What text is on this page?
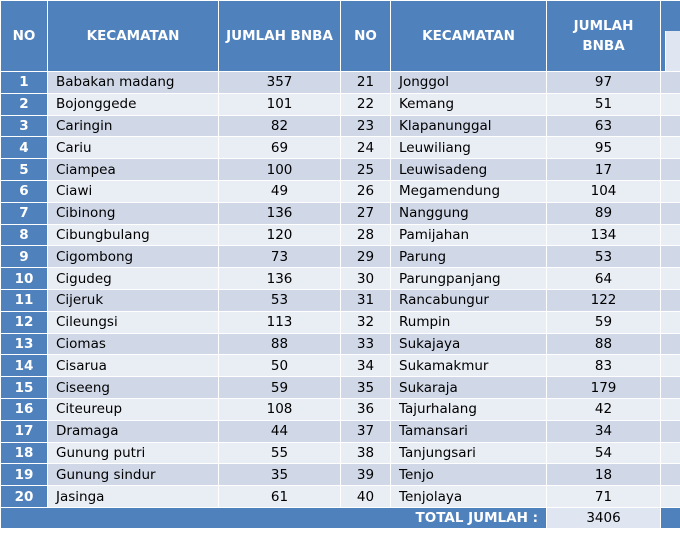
NO	KECAMATAN	JUMLAH BNBA	NO	KECAMATAN	JUMLAH
BNBA	

1	Babakan madang	357	21	Jonggol	97	
2	Bojonggede	101	22	Kemang	51	
3	Caringin	82	23	Klapanunggal	63	
4	Cariu	69	24	Leuwiliang	95	
5	Ciampea	100	25	Leuwisadeng	17	
6	Ciawi	49	26	Megamendung	104	
7	Cibinong	136	27	Nanggung	89	
8	Cibungbulang	120	28	Pamijahan	134	
9	Cigombong	73	29	Parung	53	
10	Cigudeg	136	30	Parungpanjang	64	
11	Cijeruk	53	31	Rancabungur	122	
12	Cileungsi	113	32	Rumpin	59	
13	Ciomas	88	33	Sukajaya	88	
14	Cisarua	50	34	Sukamakmur	83	
15	Ciseeng	59	35	Sukaraja	179	
16	Citeureup	108	36	Tajurhalang	42	
17	Dramaga	44	37	Tamansari	34	
18	Gunung putri	55	38	Tanjungsari	54	
19	Gunung sindur	35	39	Tenjo	18	
20	Jasinga	61	40	Tenjolaya	71	
TOTAL JUMLAH :					3406	
